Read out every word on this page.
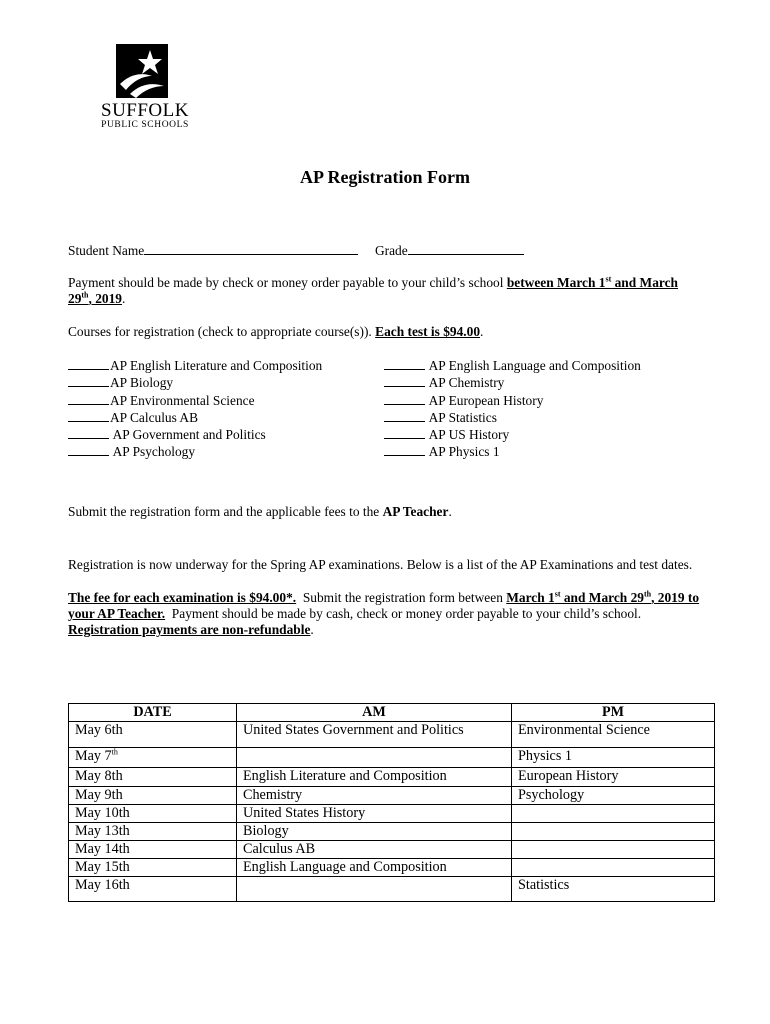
SUFFOLK
PUBLIC SCHOOLS
AP Registration Form
Student Name	Grade
Payment should be made by check or money order payable to your child’s school between March 1st and March
29th, 2019.
Courses for registration (check to appropriate course(s)). Each test is $94.00.
AP English Literature and Composition
AP Biology
AP Environmental Science
AP Calculus AB
AP Government and Politics
AP Psychology
AP English Language and Composition
AP Chemistry
AP European History
AP Statistics
AP US History
AP Physics 1
Submit the registration form and the applicable fees to the AP Teacher.
Registration is now underway for the Spring AP examinations. Below is a list of the AP Examinations and test dates.
The fee for each examination is $94.00*.  Submit the registration form between March 1st and March 29th, 2019 to
your AP Teacher.  Payment should be made by cash, check or money order payable to your child’s school.
Registration payments are non-refundable.
DATE	AM	PM
May 6th	United States Government and Politics	Environmental Science
May 7th		Physics 1
May 8th	English Literature and Composition	European History
May 9th	Chemistry	Psychology
May 10th	United States History	
May 13th	Biology	
May 14th	Calculus AB	
May 15th	English Language and Composition	
May 16th		Statistics
